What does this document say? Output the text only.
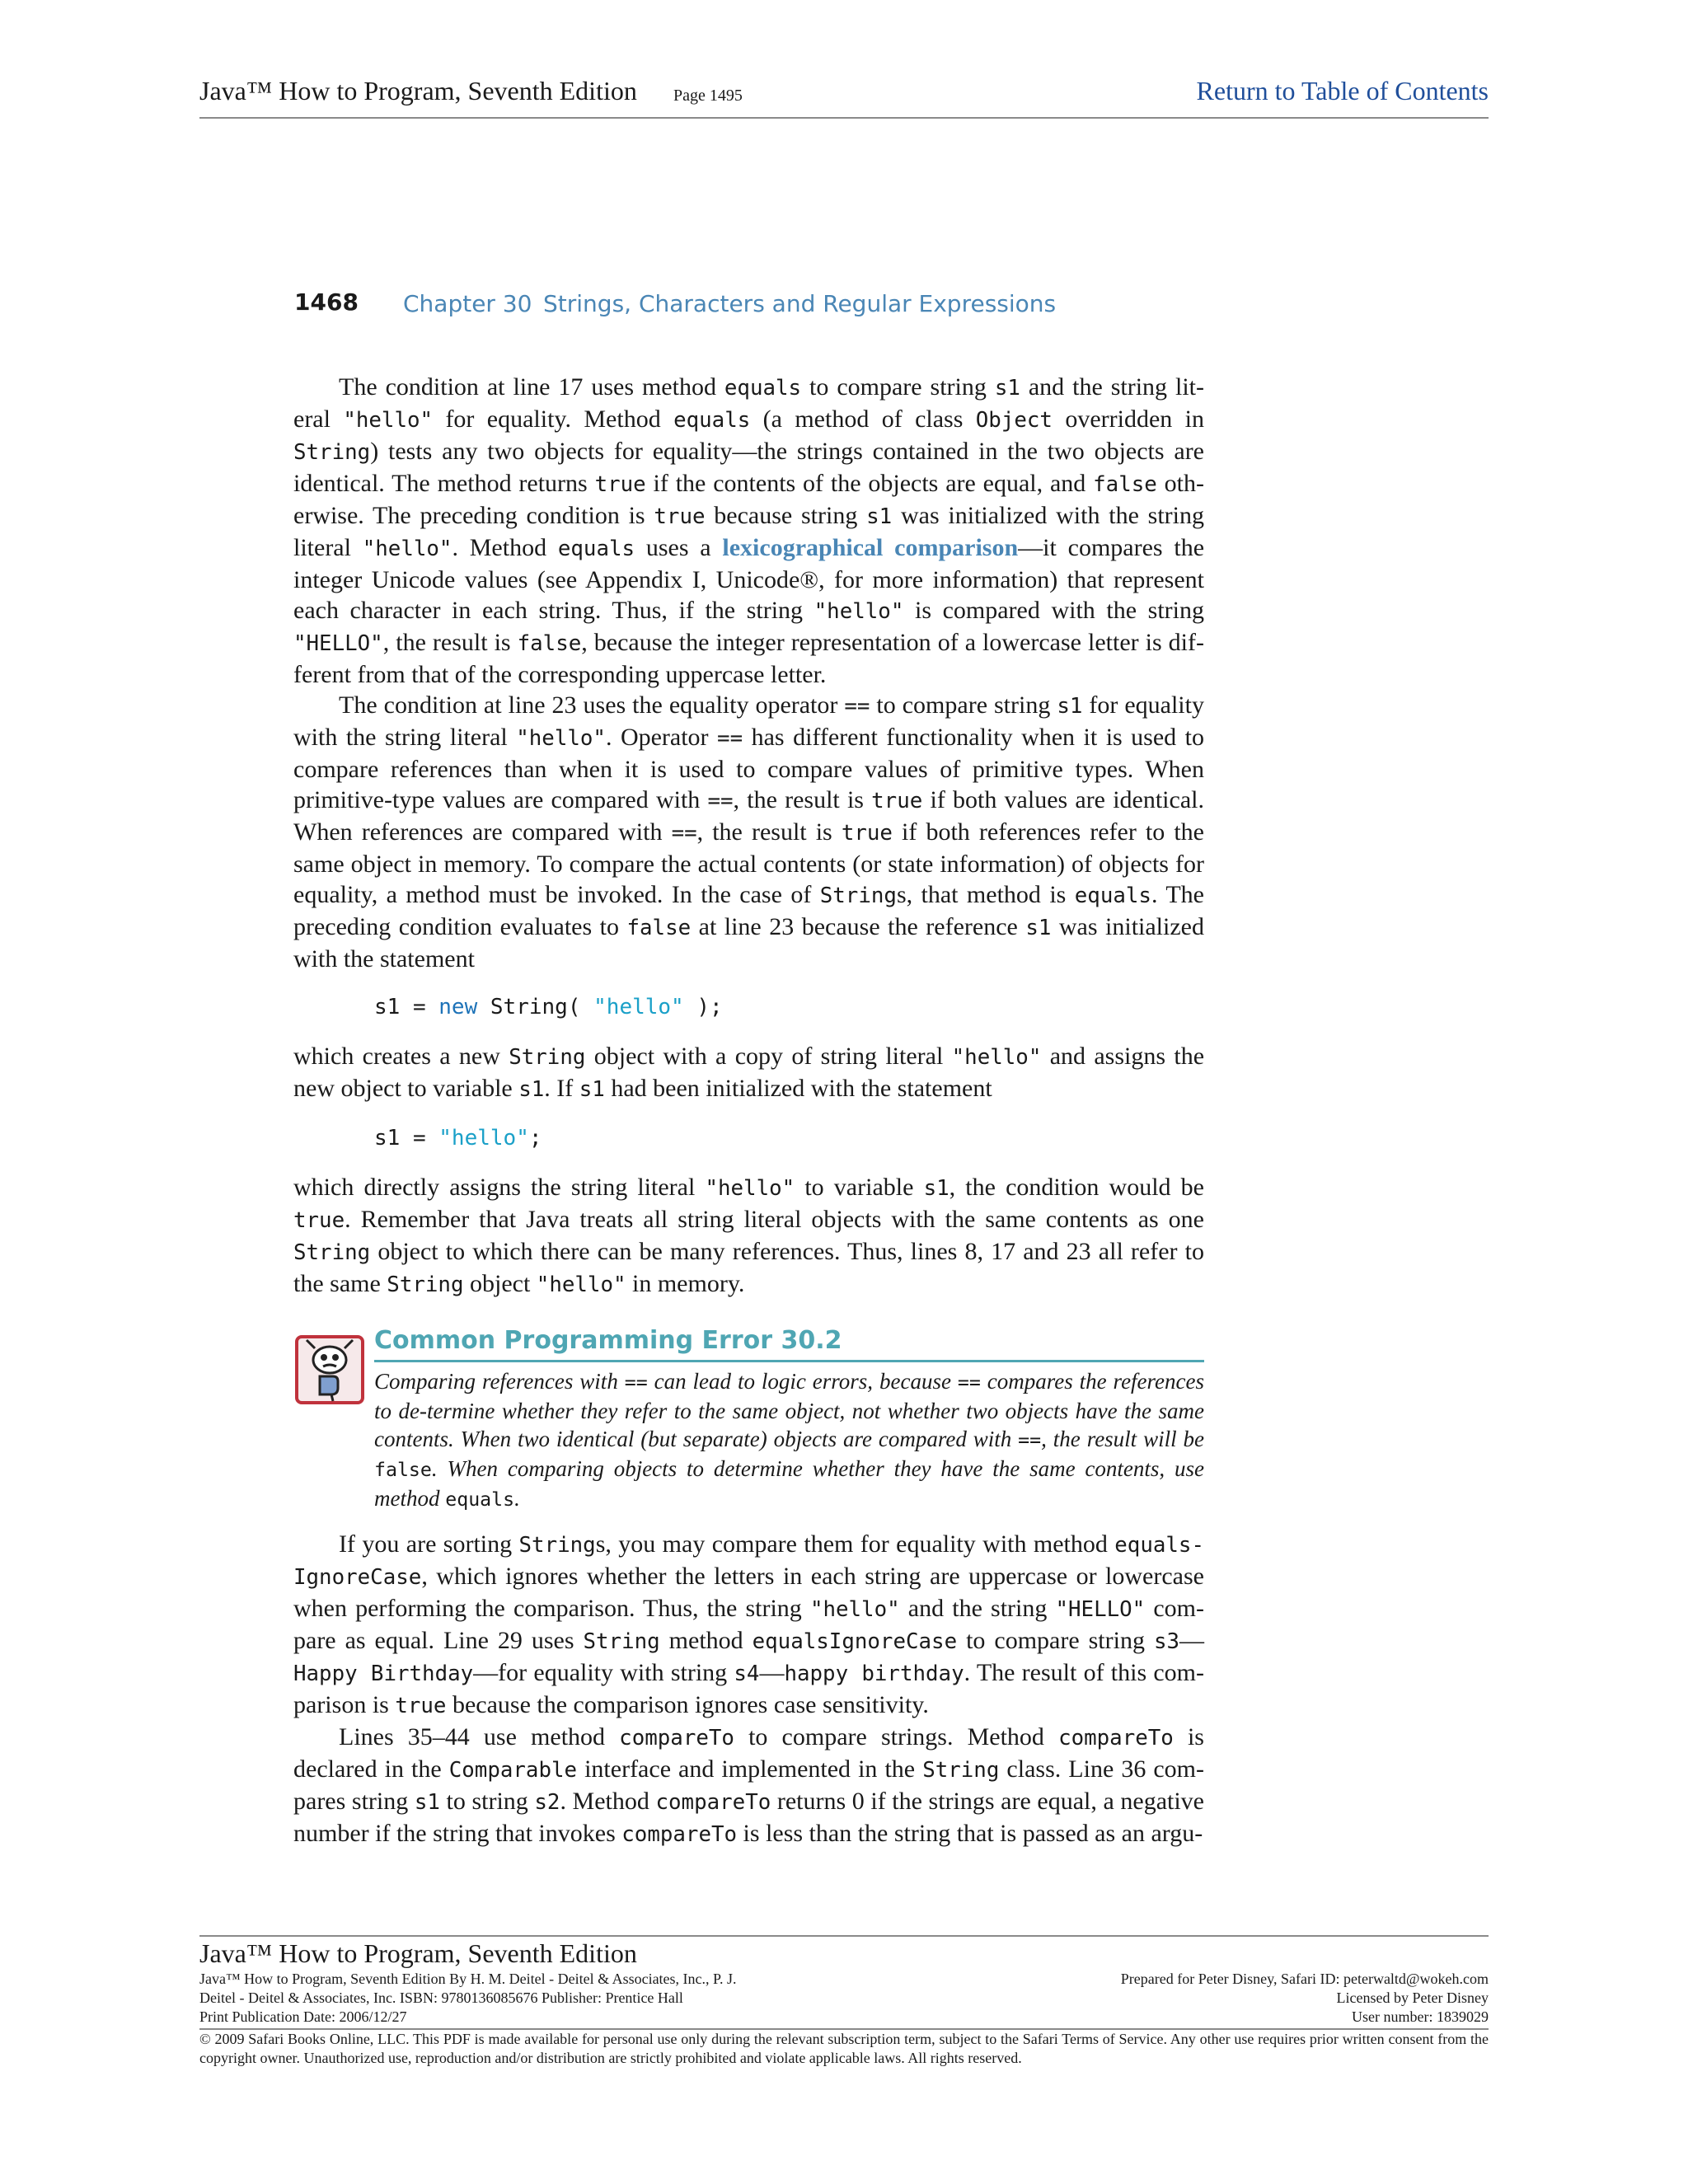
Java™ How to Program, Seventh Edition Page 1495	Return to Table of Contents
1468 Chapter 30 Strings, Characters and Regular Expressions

The condition at line 17 uses method equals to compare string s1 and the string lit-eral "hello" for equality. Method equals (a method of class Object overridden in String) tests any two objects for equality—the strings contained in the two objects are identical. The method returns true if the contents of the objects are equal, and false oth-erwise. The preceding condition is true because string s1 was initialized with the string literal "hello". Method equals uses a lexicographical comparison—it compares the integer Unicode values (see Appendix I, Unicode®, for more information) that represent each character in each string. Thus, if the string "hello" is compared with the string "HELLO", the result is false, because the integer representation of a lowercase letter is dif-ferent from that of the corresponding uppercase letter.

The condition at line 23 uses the equality operator == to compare string s1 for equality with the string literal "hello". Operator == has different functionality when it is used to compare references than when it is used to compare values of primitive types. When primitive-type values are compared with ==, the result is true if both values are identical. When references are compared with ==, the result is true if both references refer to the same object in memory. To compare the actual contents (or state information) of objects for equality, a method must be invoked. In the case of Strings, that method is equals. The preceding condition evaluates to false at line 23 because the reference s1 was initialized with the statement

s1 = new String( "hello" );

which creates a new String object with a copy of string literal "hello" and assigns the new object to variable s1. If s1 had been initialized with the statement

s1 = "hello";

which directly assigns the string literal "hello" to variable s1, the condition would be true. Remember that Java treats all string literal objects with the same contents as one String object to which there can be many references. Thus, lines 8, 17 and 23 all refer to the same String object "hello" in memory.

Common Programming Error 30.2
Comparing references with == can lead to logic errors, because == compares the references to de-termine whether they refer to the same object, not whether two objects have the same contents. When two identical (but separate) objects are compared with ==, the result will be false. When comparing objects to determine whether they have the same contents, use method equals.

If you are sorting Strings, you may compare them for equality with method equals-IgnoreCase, which ignores whether the letters in each string are uppercase or lowercase when performing the comparison. Thus, the string "hello" and the string "HELLO" com-pare as equal. Line 29 uses String method equalsIgnoreCase to compare string s3—Happy Birthday—for equality with string s4—happy birthday. The result of this com-parison is true because the comparison ignores case sensitivity.

Lines 35–44 use method compareTo to compare strings. Method compareTo is declared in the Comparable interface and implemented in the String class. Line 36 com-pares string s1 to string s2. Method compareTo returns 0 if the strings are equal, a negative number if the string that invokes compareTo is less than the string that is passed as an argu-

Java™ How to Program, Seventh Edition
Java™ How to Program, Seventh Edition By H. M. Deitel - Deitel & Associates, Inc., P. J.	Prepared for Peter Disney, Safari ID: peterwaltd@wokeh.com
Deitel - Deitel & Associates, Inc. ISBN: 9780136085676 Publisher: Prentice Hall	Licensed by Peter Disney
Print Publication Date: 2006/12/27	User number: 1839029
© 2009 Safari Books Online, LLC. This PDF is made available for personal use only during the relevant subscription term, subject to the Safari Terms of Service. Any other use requires prior written consent from the copyright owner. Unauthorized use, reproduction and/or distribution are strictly prohibited and violate applicable laws. All rights reserved.
